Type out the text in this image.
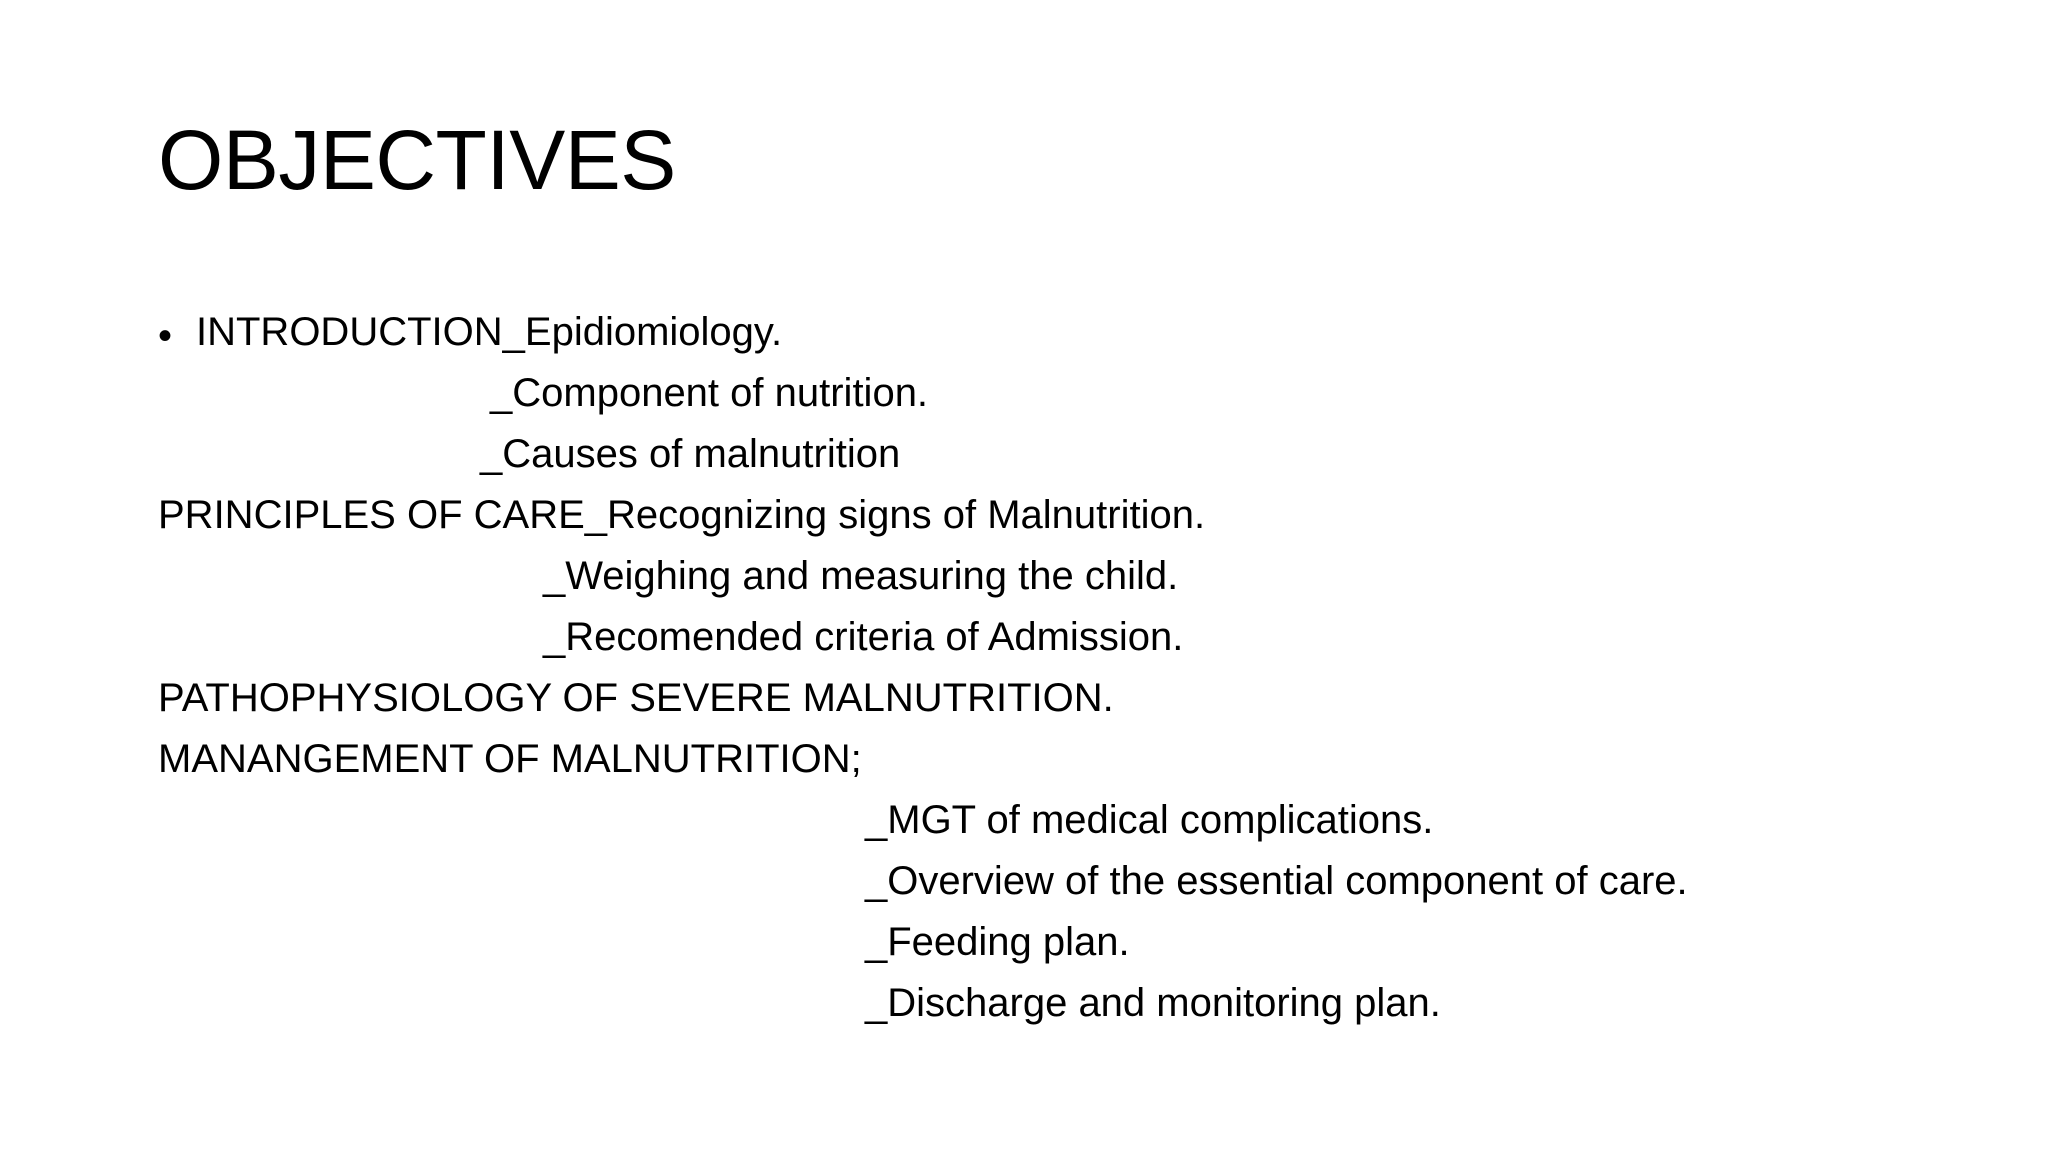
OBJECTIVES
• INTRODUCTION_Epidiomiology.
_Component of nutrition.
_Causes of malnutrition
PRINCIPLES OF CARE_Recognizing signs of Malnutrition.
_Weighing and measuring the child.
_Recomended criteria of Admission.
PATHOPHYSIOLOGY OF SEVERE MALNUTRITION.
MANANGEMENT OF MALNUTRITION;
_MGT of medical complications.
_Overview of the essential component of care.
_Feeding plan.
_Discharge and monitoring plan.
